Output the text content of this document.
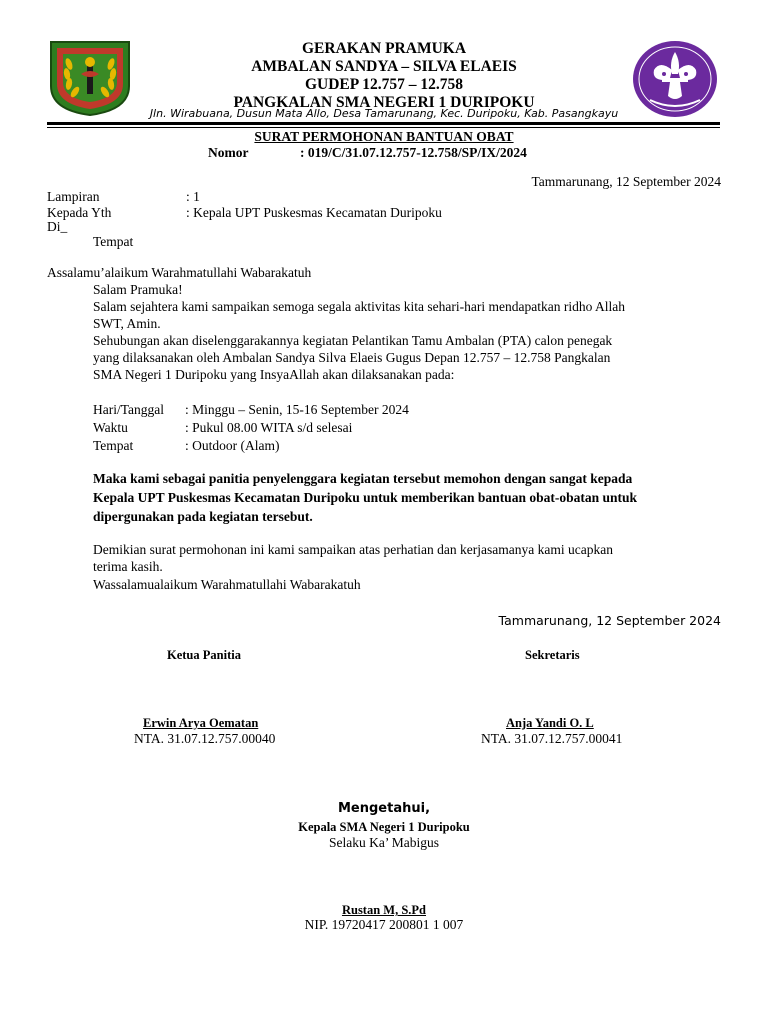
GERAKAN PRAMUKA
AMBALAN SANDYA – SILVA ELAEIS
GUDEP 12.757 – 12.758
PANGKALAN SMA NEGERI 1 DURIPOKU
Jln. Wirabuana, Dusun Mata Allo, Desa Tamarunang, Kec. Duripoku, Kab. Pasangkayu
SURAT PERMOHONAN BANTUAN OBAT
Nomor	: 019/C/31.07.12.757-12.758/SP/IX/2024
Tammarunang, 12 September 2024
Lampiran	: 1
Kepada Yth	: Kepala UPT Puskesmas Kecamatan Duripoku
Di_
Tempat
Assalamu’alaikum Warahmatullahi Wabarakatuh
Salam Pramuka!
Salam sejahtera kami sampaikan semoga segala aktivitas kita sehari-hari mendapatkan ridho Allah
SWT, Amin.
Sehubungan akan diselenggarakannya kegiatan Pelantikan Tamu Ambalan (PTA) calon penegak
yang dilaksanakan oleh Ambalan Sandya Silva Elaeis Gugus Depan 12.757 – 12.758 Pangkalan
SMA Negeri 1 Duripoku yang InsyaAllah akan dilaksanakan pada:
Hari/Tanggal : Minggu – Senin, 15-16 September 2024
Waktu	: Pukul 08.00 WITA s/d selesai
Tempat	: Outdoor (Alam)
Maka kami sebagai panitia penyelenggara kegiatan tersebut memohon dengan sangat kepada
Kepala UPT Puskesmas Kecamatan Duripoku untuk memberikan bantuan obat-obatan untuk
dipergunakan pada kegiatan tersebut.
Demikian surat permohonan ini kami sampaikan atas perhatian dan kerjasamanya kami ucapkan
terima kasih.
Wassalamualaikum Warahmatullahi Wabarakatuh
Tammarunang, 12 September 2024
Ketua Panitia	Sekretaris
Erwin Arya Oematan
NTA. 31.07.12.757.00040
Anja Yandi O. L
NTA. 31.07.12.757.00041
Mengetahui,
Kepala SMA Negeri 1 Duripoku
Selaku Ka’ Mabigus
Rustan M, S.Pd
NIP. 19720417 200801 1 007
